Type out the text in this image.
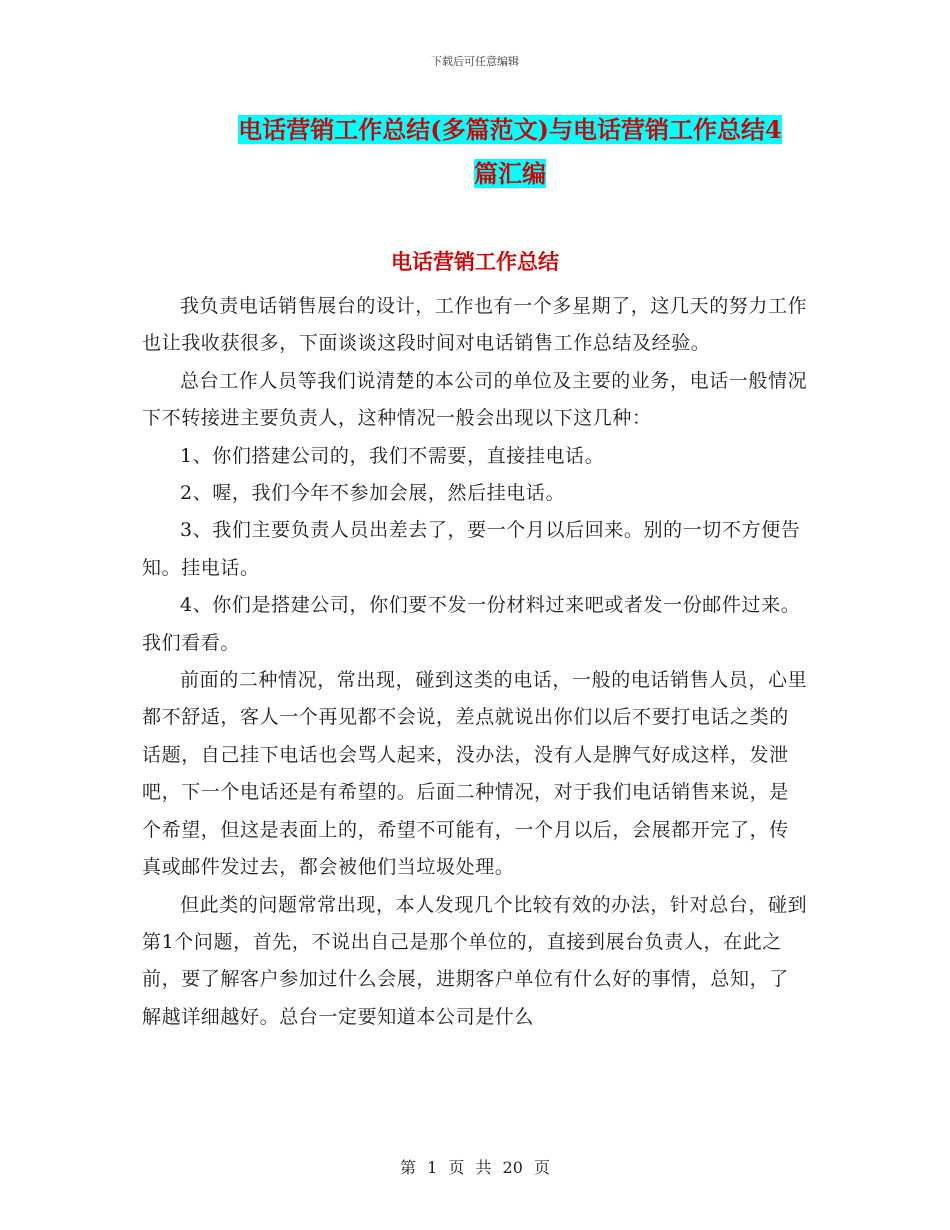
下载后可任意编辑
电话营销工作总结(多篇范文)与电话营销工作总结4
篇汇编
电话营销工作总结

我负责电话销售展台的设计，工作也有一个多星期了，这几天的努力工作也让我收获很多，下面谈谈这段时间对电话销售工作总结及经验。

总台工作人员等我们说清楚的本公司的单位及主要的业务，电话一般情况下不转接进主要负责人，这种情况一般会出现以下这几种：

1、你们搭建公司的，我们不需要，直接挂电话。

2、喔，我们今年不参加会展，然后挂电话。

3、我们主要负责人员出差去了，要一个月以后回来。别的一切不方便告知。挂电话。

4、你们是搭建公司，你们要不发一份材料过来吧或者发一份邮件过来。我们看看。

前面的二种情况，常出现，碰到这类的电话，一般的电话销售人员，心里都不舒适，客人一个再见都不会说，差点就说出你们以后不要打电话之类的话题，自己挂下电话也会骂人起来，没办法，没有人是脾气好成这样，发泄吧，下一个电话还是有希望的。后面二种情况，对于我们电话销售来说，是个希望，但这是表面上的，希望不可能有，一个月以后，会展都开完了，传真或邮件发过去，都会被他们当垃圾处理。

但此类的问题常常出现，本人发现几个比较有效的办法，针对总台，碰到第1个问题，首先，不说出自己是那个单位的，直接到展台负责人，在此之前，要了解客户参加过什么会展，进期客户单位有什么好的事情，总知，了解越详细越好。总台一定要知道本公司是什么

第 1 页 共 20 页
